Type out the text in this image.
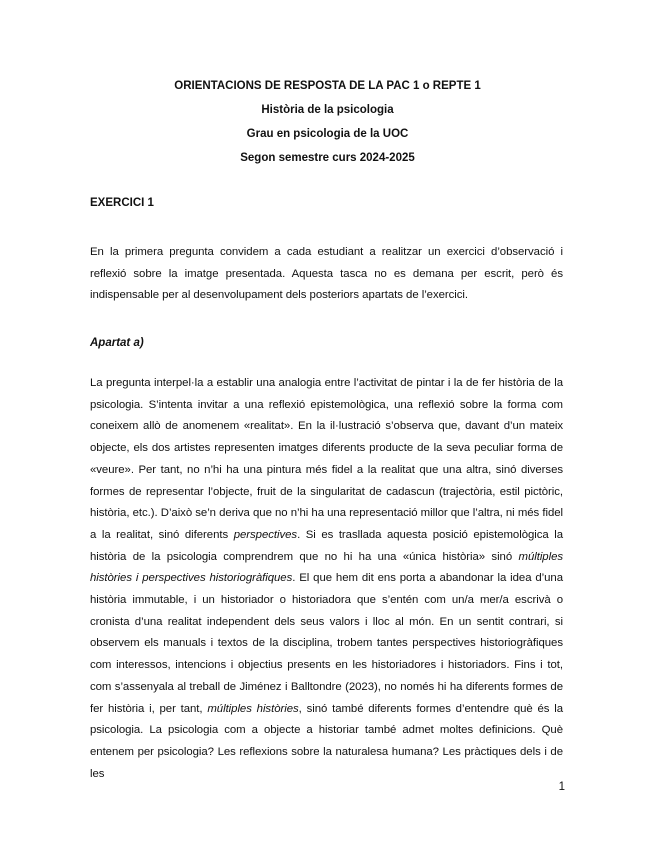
ORIENTACIONS DE RESPOSTA DE LA PAC 1 o REPTE 1

Història de la psicologia

Grau en psicologia de la UOC

Segon semestre curs 2024-2025

EXERCICI 1

En la primera pregunta convidem a cada estudiant a realitzar un exercici d’observació i reflexió sobre la imatge presentada. Aquesta tasca no es demana per escrit, però és indispensable per al desenvolupament dels posteriors apartats de l’exercici.

Apartat a)

La pregunta interpel·la a establir una analogia entre l’activitat de pintar i la de fer història de la psicologia. S’intenta invitar a una reflexió epistemològica, una reflexió sobre la forma com coneixem allò de anomenem «realitat». En la il·lustració s’observa que, davant d’un mateix objecte, els dos artistes representen imatges diferents producte de la seva peculiar forma de «veure». Per tant, no n’hi ha una pintura més fidel a la realitat que una altra, sinó diverses formes de representar l’objecte, fruit de la singularitat de cadascun (trajectòria, estil pictòric, història, etc.). D’això se’n deriva que no n’hi ha una representació millor que l’altra, ni més fidel a la realitat, sinó diferents perspectives. Si es trasllada aquesta posició epistemològica la història de la psicologia comprendrem que no hi ha una «única història» sinó múltiples històries i perspectives historiogràfiques. El que hem dit ens porta a abandonar la idea d’una història immutable, i un historiador o historiadora que s’entén com un/a mer/a escrivà o cronista d’una realitat independent dels seus valors i lloc al món. En un sentit contrari, si observem els manuals i textos de la disciplina, trobem tantes perspectives historiogràfiques com interessos, intencions i objectius presents en les historiadores i historiadors. Fins i tot, com s’assenyala al treball de Jiménez i Balltondre (2023), no només hi ha diferents formes de fer història i, per tant, múltiples històries, sinó també diferents formes d’entendre què és la psicologia. La psicologia com a objecte a historiar també admet moltes definicions. Què entenem per psicologia? Les reflexions sobre la naturalesa humana? Les pràctiques dels i de les

1
